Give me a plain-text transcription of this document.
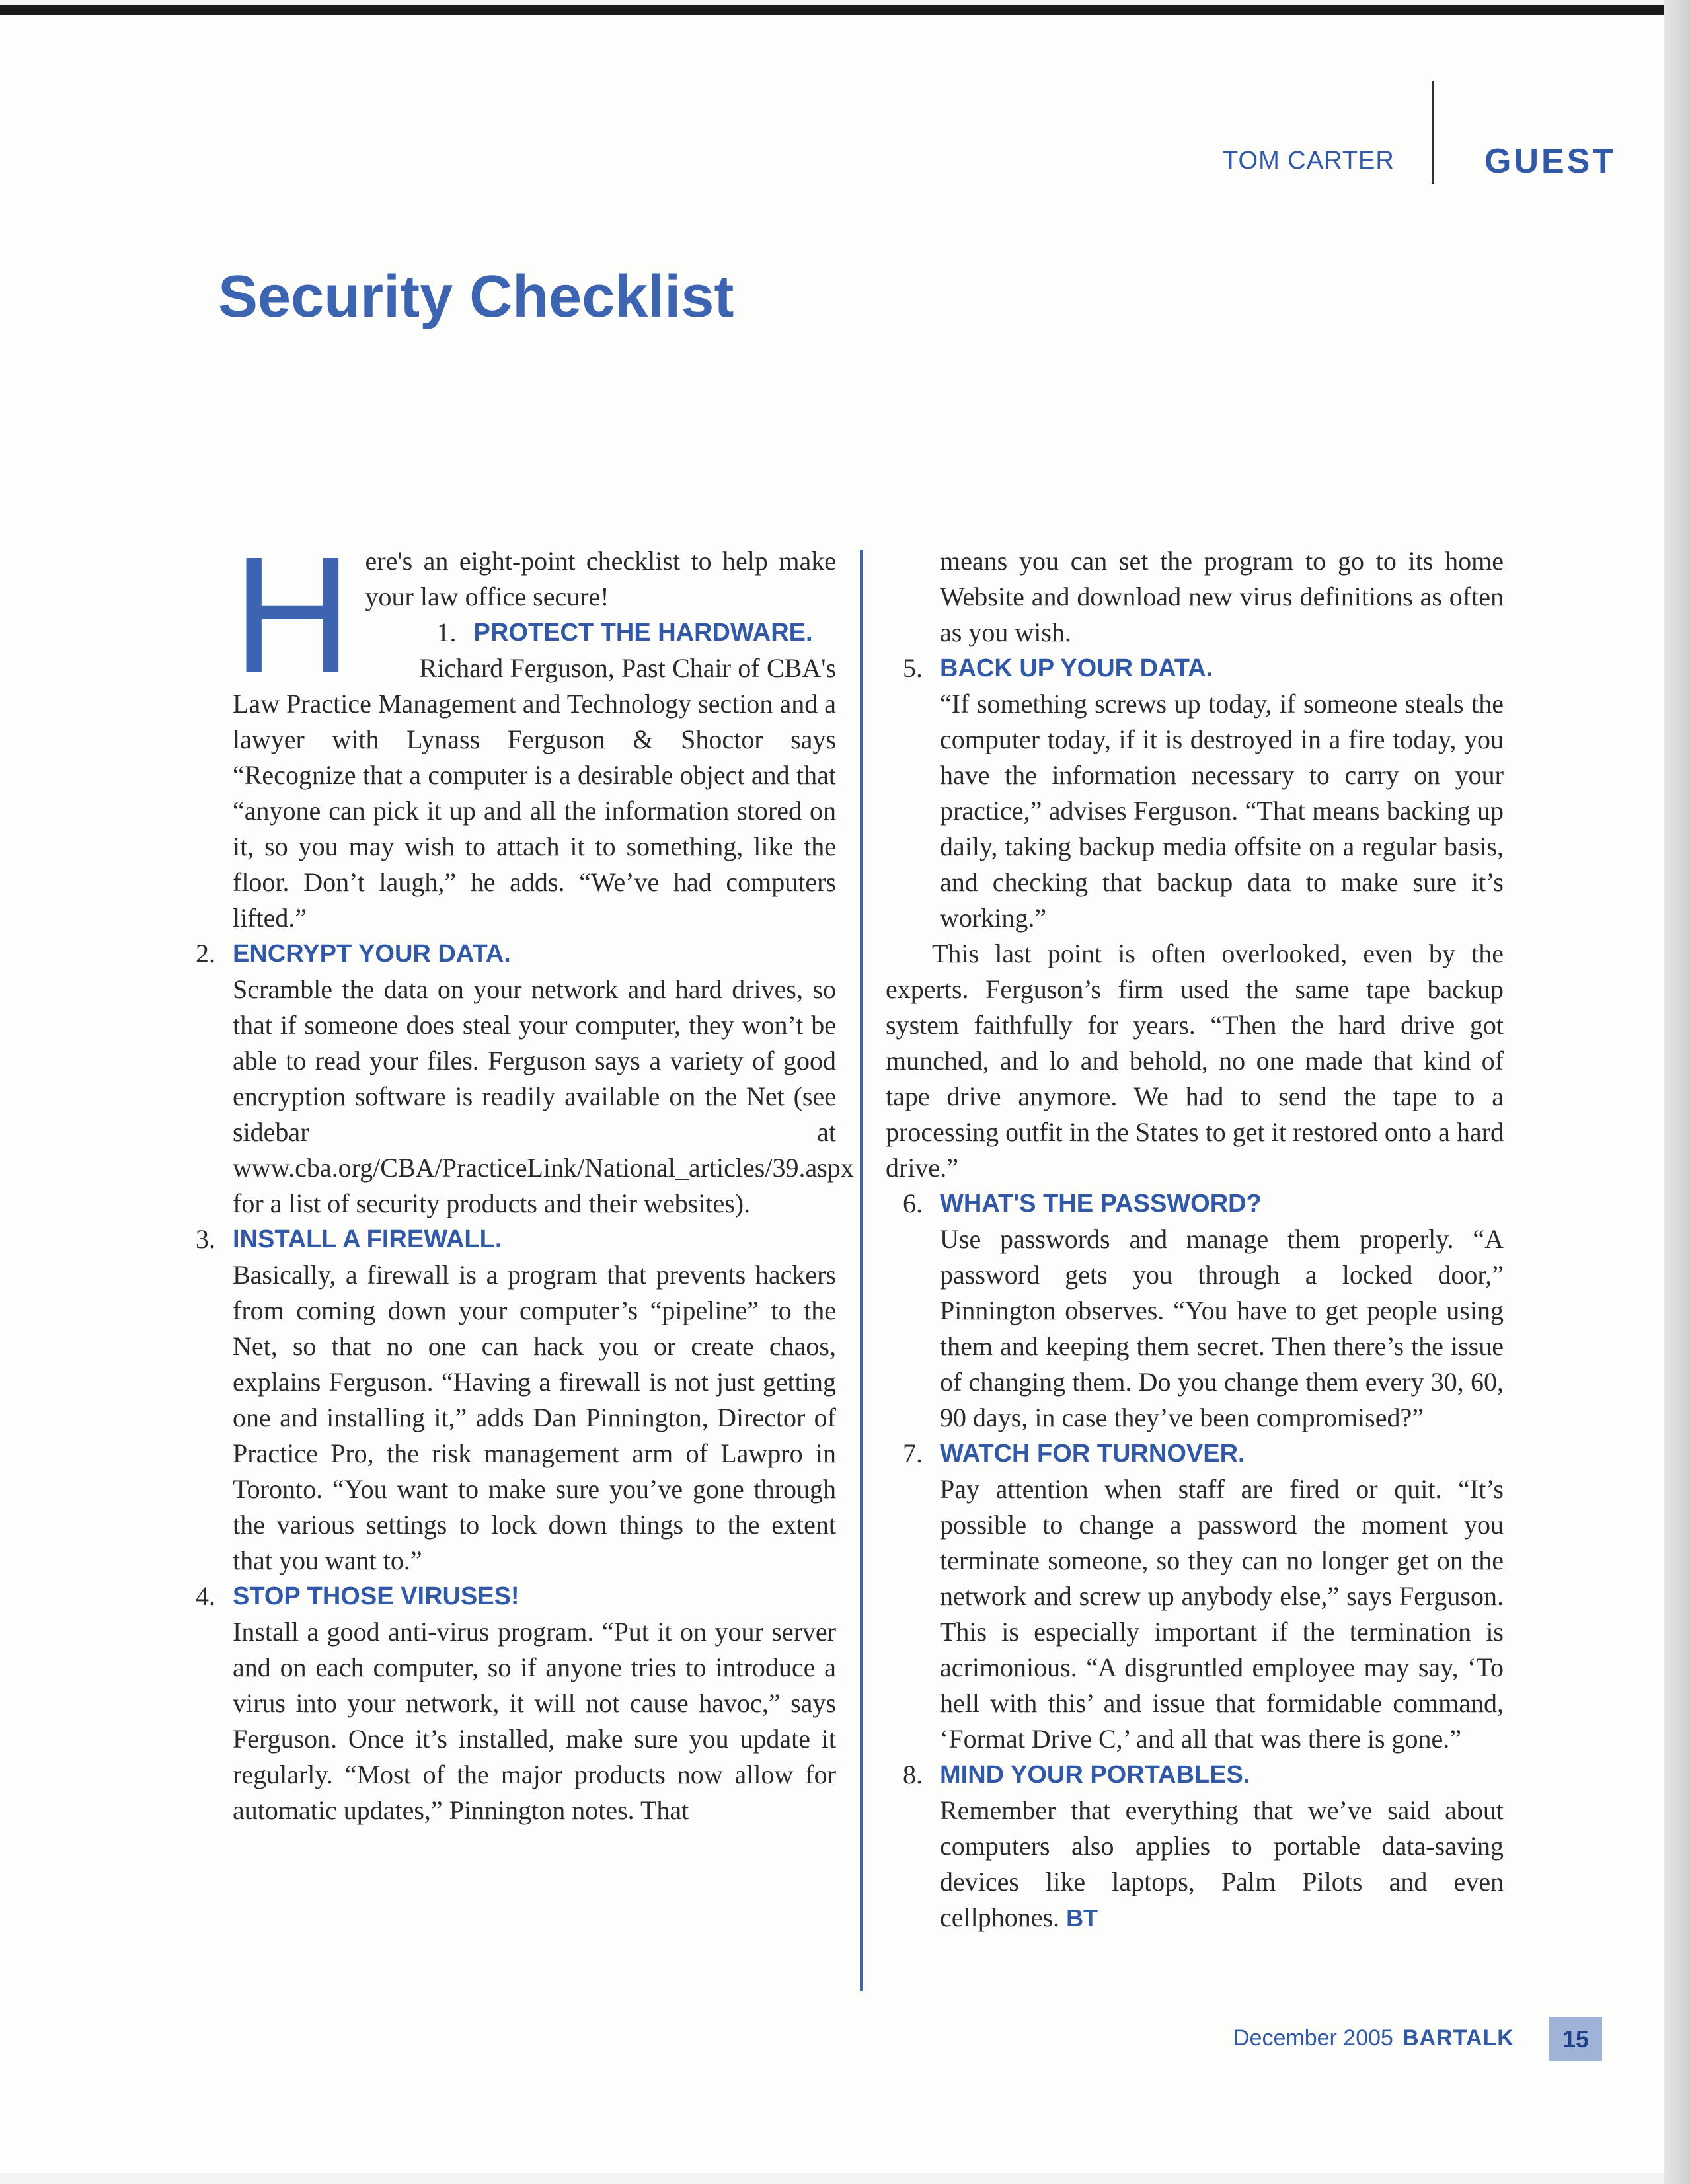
TOM CARTER	GUEST
Security Checklist
H ere's an eight-point checklist to help make your law office secure!

1. PROTECT THE HARDWARE.

Richard Ferguson, Past Chair of CBA's Law Practice Management and Technology section and a lawyer with Lynass Ferguson & Shoctor says “Recognize that a computer is a desirable object and that “anyone can pick it up and all the information stored on it, so you may wish to attach it to something, like the floor. Don’t laugh,” he adds. “We’ve had computers lifted.”

2. ENCRYPT YOUR DATA.

Scramble the data on your network and hard drives, so that if someone does steal your computer, they won’t be able to read your files. Ferguson says a variety of good encryption software is readily available on the Net (see sidebar at www.cba.org/CBA/PracticeLink/National_articles/39.aspx for a list of security products and their websites).

3. INSTALL A FIREWALL.

Basically, a firewall is a program that prevents hackers from coming down your computer’s “pipeline” to the Net, so that no one can hack you or create chaos, explains Ferguson. “Having a firewall is not just getting one and installing it,” adds Dan Pinnington, Director of Practice Pro, the risk management arm of Lawpro in Toronto. “You want to make sure you’ve gone through the various settings to lock down things to the extent that you want to.”

4. STOP THOSE VIRUSES!

Install a good anti-virus program. “Put it on your server and on each computer, so if anyone tries to introduce a virus into your network, it will not cause havoc,” says Ferguson. Once it’s installed, make sure you update it regularly. “Most of the major products now allow for automatic updates,” Pinnington notes. That

means you can set the program to go to its home Website and download new virus definitions as often as you wish.

5. BACK UP YOUR DATA.

“If something screws up today, if someone steals the computer today, if it is destroyed in a fire today, you have the information necessary to carry on your practice,” advises Ferguson. “That means backing up daily, taking backup media offsite on a regular basis, and checking that backup data to make sure it’s working.”

This last point is often overlooked, even by the experts. Ferguson’s firm used the same tape backup system faithfully for years. “Then the hard drive got munched, and lo and behold, no one made that kind of tape drive anymore. We had to send the tape to a processing outfit in the States to get it restored onto a hard drive.”

6. WHAT'S THE PASSWORD?

Use passwords and manage them properly. “A password gets you through a locked door,” Pinnington observes. “You have to get people using them and keeping them secret. Then there’s the issue of changing them. Do you change them every 30, 60, 90 days, in case they’ve been compromised?”

7. WATCH FOR TURNOVER.

Pay attention when staff are fired or quit. “It’s possible to change a password the moment you terminate someone, so they can no longer get on the network and screw up anybody else,” says Ferguson. This is especially important if the termination is acrimonious. “A disgruntled employee may say, ‘To hell with this’ and issue that formidable command, ‘Format Drive C,’ and all that was there is gone.”

8. MIND YOUR PORTABLES.

Remember that everything that we’ve said about computers also applies to portable data-saving devices like laptops, Palm Pilots and even cellphones. BT

December 2005 BARTALK	15
